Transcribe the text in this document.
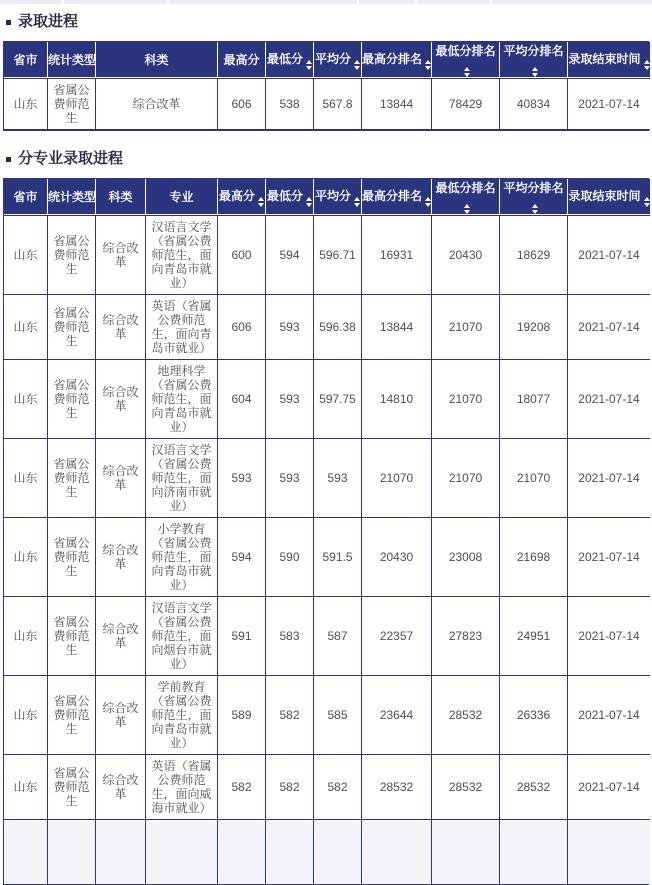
录取进程
省市	统计类型	科类	最高分	最低分	平均分	最高分排名	最低分排名	平均分排名	录取结束时间
山东	省属公费师范生	综合改革	606	538	567.8	13844	78429	40834	2021-07-14
分专业录取进程
省市	统计类型	科类	专业	最高分	最低分	平均分	最高分排名	最低分排名	平均分排名	录取结束时间
山东	省属公费师范生	综合改革	汉语言文学（省属公费师范生，面向青岛市就业）	600	594	596.71	16931	20430	18629	2021-07-14
山东	省属公费师范生	综合改革	英语（省属公费师范生，面向青岛市就业）	606	593	596.38	13844	21070	19208	2021-07-14
山东	省属公费师范生	综合改革	地理科学（省属公费师范生，面向青岛市就业）	604	593	597.75	14810	21070	18077	2021-07-14
山东	省属公费师范生	综合改革	汉语言文学（省属公费师范生，面向济南市就业）	593	593	593	21070	21070	21070	2021-07-14
山东	省属公费师范生	综合改革	小学教育（省属公费师范生，面向青岛市就业）	594	590	591.5	20430	23008	21698	2021-07-14
山东	省属公费师范生	综合改革	汉语言文学（省属公费师范生，面向烟台市就业）	591	583	587	22357	27823	24951	2021-07-14
山东	省属公费师范生	综合改革	学前教育（省属公费师范生，面向青岛市就业）	589	582	585	23644	28532	26336	2021-07-14
山东	省属公费师范生	综合改革	英语（省属公费师范生，面向威海市就业）	582	582	582	28532	28532	28532	2021-07-14
